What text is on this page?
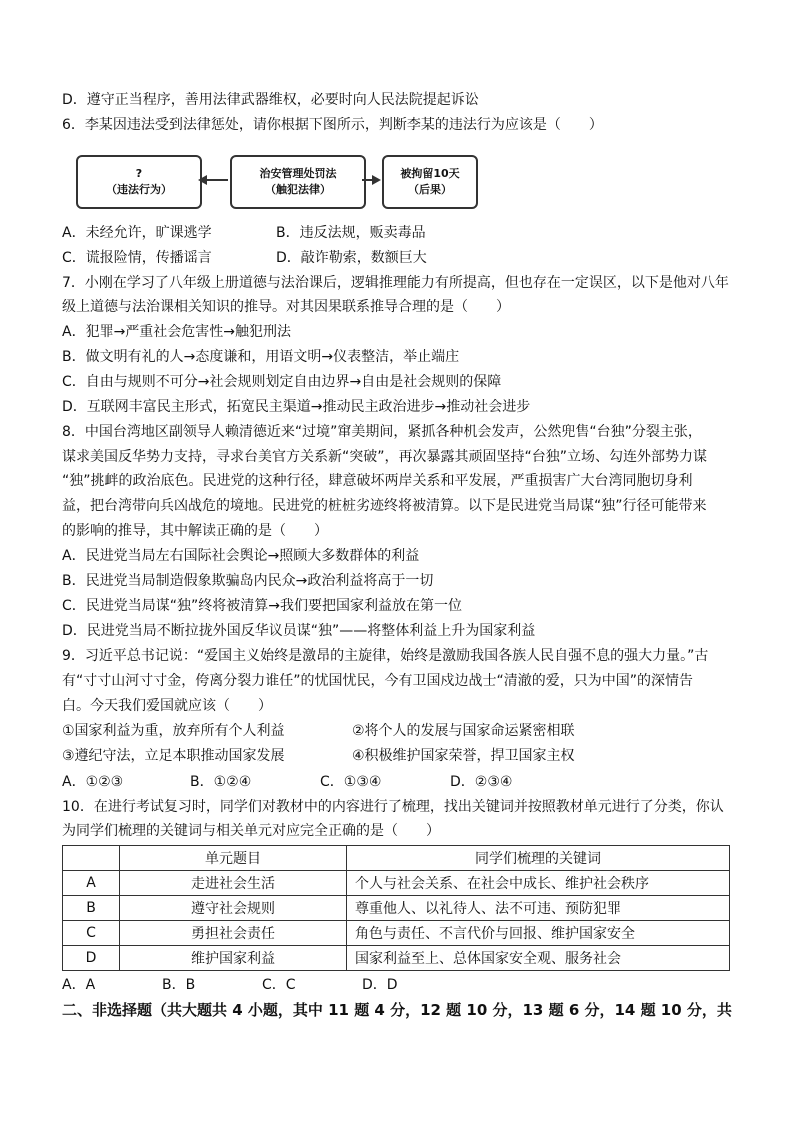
D．遵守正当程序，善用法律武器维权，必要时向人民法院提起诉讼
6．李某因违法受到法律惩处，请你根据下图所示，判断李某的违法行为应该是（　　）
?
（违法行为）
治安管理处罚法
（触犯法律）
被拘留10天
（后果）
A．未经允许，旷课逃学	B．违反法规，贩卖毒品
C．谎报险情，传播谣言	D．敲诈勒索，数额巨大
7．小刚在学习了八年级上册道德与法治课后，逻辑推理能力有所提高，但也存在一定误区，以下是他对八年
级上道德与法治课相关知识的推导。对其因果联系推导合理的是（　　）
A．犯罪→严重社会危害性→触犯刑法
B．做文明有礼的人→态度谦和，用语文明→仪表整洁，举止端庄
C．自由与规则不可分→社会规则划定自由边界→自由是社会规则的保障
D．互联网丰富民主形式，拓宽民主渠道→推动民主政治进步→推动社会进步
8．中国台湾地区副领导人赖清德近来“过境”窜美期间，紧抓各种机会发声，公然兜售“台独”分裂主张，
谋求美国反华势力支持，寻求台美官方关系新“突破”，再次暴露其顽固坚持“台独”立场、勾连外部势力谋
“独”挑衅的政治底色。民进党的这种行径，肆意破坏两岸关系和平发展，严重损害广大台湾同胞切身利
益，把台湾带向兵凶战危的境地。民进党的桩桩劣迹终将被清算。以下是民进党当局谋“独”行径可能带来
的影响的推导，其中解读正确的是（　　）
A．民进党当局左右国际社会舆论→照顾大多数群体的利益
B．民进党当局制造假象欺骗岛内民众→政治利益将高于一切
C．民进党当局谋“独”终将被清算→我们要把国家利益放在第一位
D．民进党当局不断拉拢外国反华议员谋“独”——将整体利益上升为国家利益
9．习近平总书记说：“爱国主义始终是激昂的主旋律，始终是激励我国各族人民自强不息的强大力量。”古
有“寸寸山河寸寸金，侉离分裂力谁任”的忧国忧民，今有卫国戍边战士“清澈的爱，只为中国”的深情告
白。今天我们爱国就应该（　　）
①国家利益为重，放弃所有个人利益	②将个人的发展与国家命运紧密相联
③遵纪守法，立足本职推动国家发展	④积极维护国家荣誉，捍卫国家主权
A．①②③	B．①②④	C．①③④	D．②③④
10．在进行考试复习时，同学们对教材中的内容进行了梳理，找出关键词并按照教材单元进行了分类，你认
为同学们梳理的关键词与相关单元对应完全正确的是（　　）
	单元题目	同学们梳理的关键词
A	走进社会生活	个人与社会关系、在社会中成长、维护社会秩序
B	遵守社会规则	尊重他人、以礼待人、法不可违、预防犯罪
C	勇担社会责任	角色与责任、不言代价与回报、维护国家安全
D	维护国家利益	国家利益至上、总体国家安全观、服务社会
A．A	B．B	C．C	D．D
二、非选择题（共大题共 4 小题，其中 11 题 4 分，12 题 10 分，13 题 6 分，14 题 10 分，共
